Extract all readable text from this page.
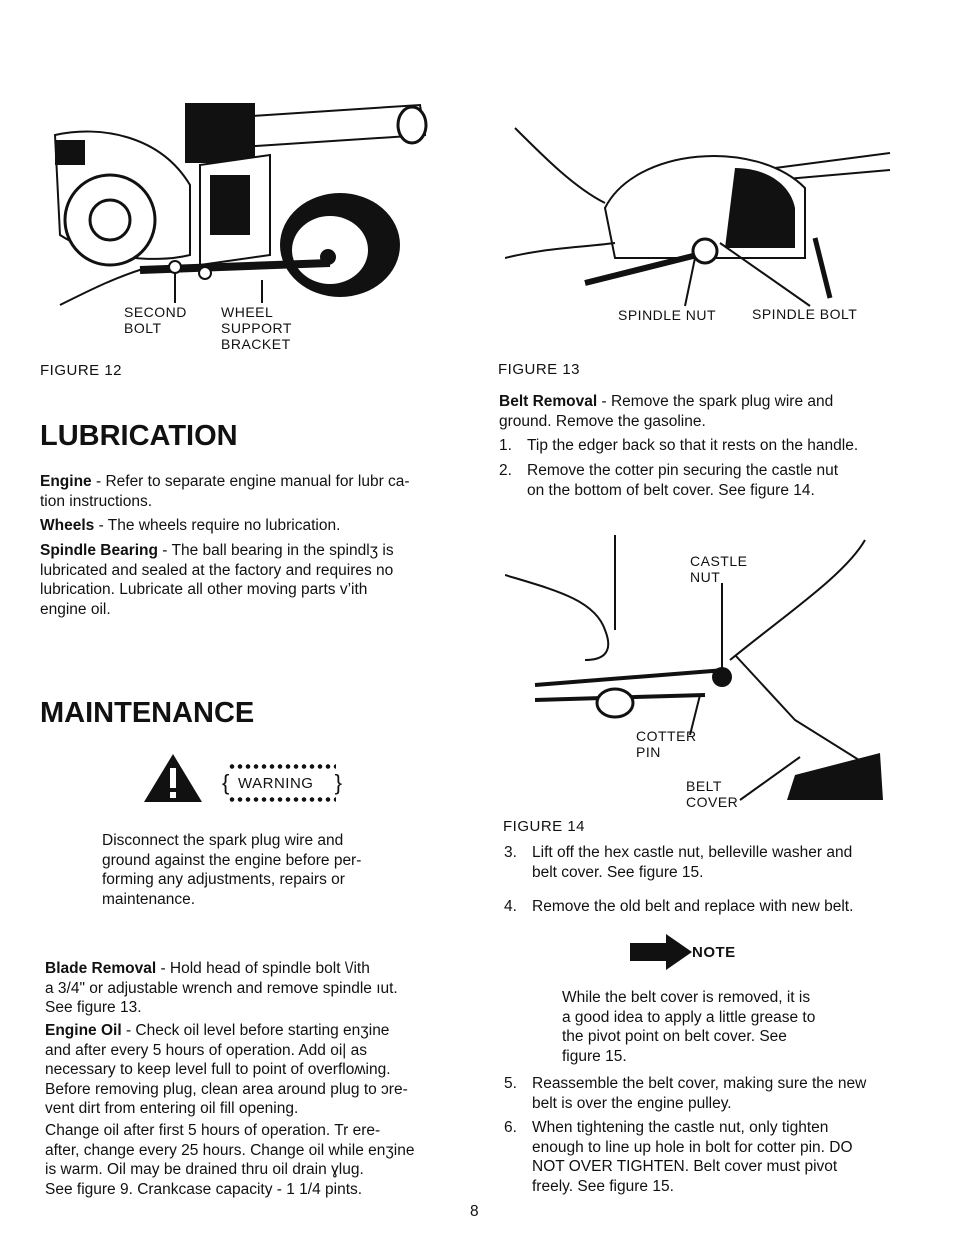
SECOND
BOLT
WHEEL
SUPPORT
BRACKET
FIGURE 12
SPINDLE NUT	SPINDLE BOLT
FIGURE 13
LUBRICATION
Engine - Refer to separate engine manual for lubr ca-
tion instructions.
Wheels - The wheels require no lubrication.
Spindle Bearing - The ball bearing in the spindlʒ is
lubricated and sealed at the factory and requires no
lubrication. Lubricate all other moving parts v’ith
engine oil.
MAINTENANCE
{	}
WARNING
Disconnect the spark plug wire and
ground against the engine before per-
forming any adjustments, repairs or
maintenance.
Blade Removal - Hold head of spindle bolt \/ith
a 3/4" or adjustable wrench and remove spindle ıut.
See figure 13.
Engine Oil - Check oil level before starting enʒine
and after every 5 hours of operation. Add oi| as
necessary to keep level full to point of overfloʍing.
Before removing plug, clean area around plug to ɔre-
vent dirt from entering oil fill opening.
Change oil after first 5 hours of operation. Tr ere-
after, change every 25 hours. Change oil while enʒine
is warm. Oil may be drained thru oil drain ɣlug.
See figure 9. Crankcase capacity - 1 1/4 pints.
Belt Removal - Remove the spark plug wire and
ground. Remove the gasoline.
1. Tip the edger back so that it rests on the handle.
2. Remove the cotter pin securing the castle nut
on the bottom of belt cover. See figure 14.
CASTLE
NUT
COTTER
PIN
BELT
COVER
FIGURE 14
3. Lift off the hex castle nut, belleville washer and
belt cover. See figure 15.
4. Remove the old belt and replace with new belt.
NOTE
While the belt cover is removed, it is
a good idea to apply a little grease to
the pivot point on belt cover. See
figure 15.
5. Reassemble the belt cover, making sure the new
belt is over the engine pulley.
6. When tightening the castle nut, only tighten
enough to line up hole in bolt for cotter pin. DO
NOT OVER TIGHTEN. Belt cover must pivot
freely. See figure 15.
8
